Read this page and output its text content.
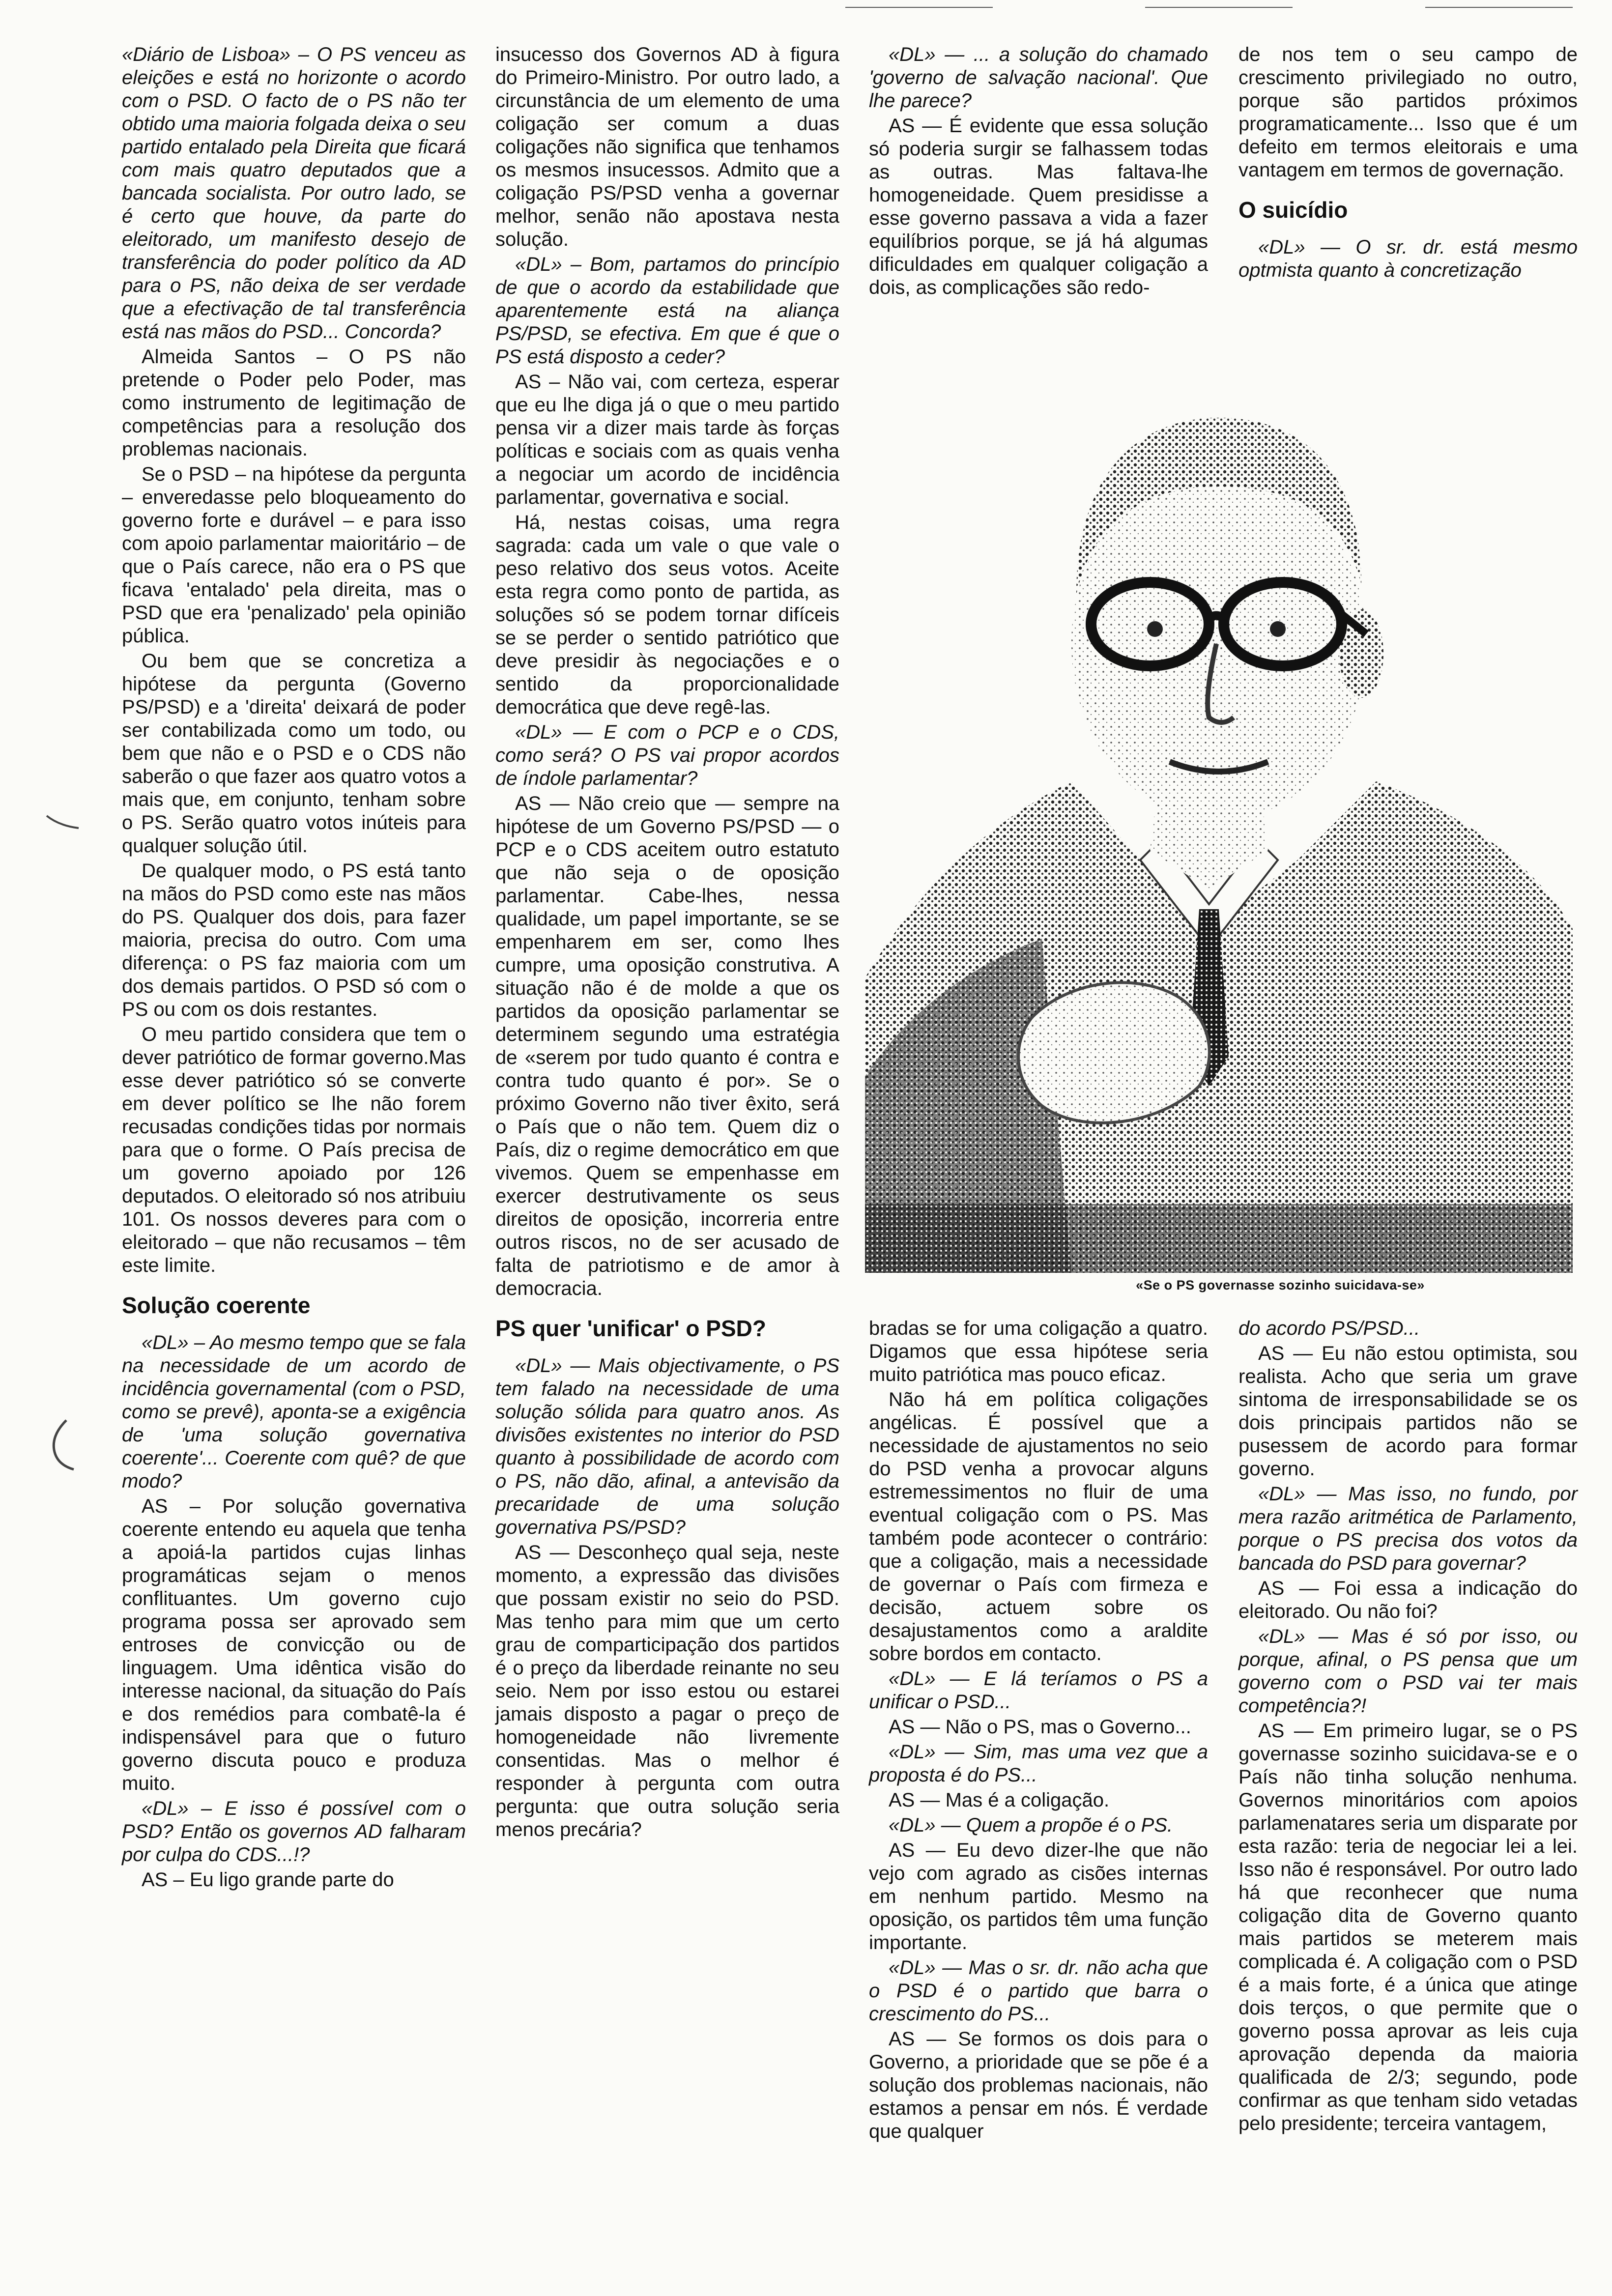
«Diário de Lisboa» – O PS venceu as eleições e está no horizonte o acordo com o PSD. O facto de o PS não ter obtido uma maioria folgada deixa o seu partido entalado pela Direita que ficará com mais quatro deputados que a bancada socialista. Por outro lado, se é certo que houve, da parte do eleitorado, um manifesto desejo de transferência do poder político da AD para o PS, não deixa de ser verdade que a efectivação de tal transferência está nas mãos do PSD... Concorda?

Almeida Santos – O PS não pretende o Poder pelo Poder, mas como instrumento de legitimação de competências para a resolução dos problemas nacionais.

Se o PSD – na hipótese da pergunta – enveredasse pelo bloqueamento do governo forte e durável – e para isso com apoio parlamentar maioritário – de que o País carece, não era o PS que ficava 'entalado' pela direita, mas o PSD que era 'penalizado' pela opinião pública.

Ou bem que se concretiza a hipótese da pergunta (Governo PS/PSD) e a 'direita' deixará de poder ser contabilizada como um todo, ou bem que não e o PSD e o CDS não saberão o que fazer aos quatro votos a mais que, em conjunto, tenham sobre o PS. Serão quatro votos inúteis para qualquer solução útil.

De qualquer modo, o PS está tanto na mãos do PSD como este nas mãos do PS. Qualquer dos dois, para fazer maioria, precisa do outro. Com uma diferença: o PS faz maioria com um dos demais partidos. O PSD só com o PS ou com os dois restantes.

O meu partido considera que tem o dever patriótico de formar governo.Mas esse dever patriótico só se converte em dever político se lhe não forem recusadas condições tidas por normais para que o forme. O País precisa de um governo apoiado por 126 deputados. O eleitorado só nos atribuiu 101. Os nossos deveres para com o eleitorado – que não recusamos – têm este limite.

Solução coerente

«DL» – Ao mesmo tempo que se fala na necessidade de um acordo de incidência governamental (com o PSD, como se prevê), aponta-se a exigência de 'uma solução governativa coerente'... Coerente com quê? de que modo?

AS – Por solução governativa coerente entendo eu aquela que tenha a apoiá-la partidos cujas linhas programáticas sejam o menos conflituantes. Um governo cujo programa possa ser aprovado sem entroses de convicção ou de linguagem. Uma idêntica visão do interesse nacional, da situação do País e dos remédios para combatê-la é indispensável para que o futuro governo discuta pouco e produza muito.

«DL» – E isso é possível com o PSD? Então os governos AD falharam por culpa do CDS...!?

AS – Eu ligo grande parte do

insucesso dos Governos AD à figura do Primeiro-Ministro. Por outro lado, a circunstância de um elemento de uma coligação ser comum a duas coligações não significa que tenhamos os mesmos insucessos. Admito que a coligação PS/PSD venha a governar melhor, senão não apostava nesta solução.

«DL» – Bom, partamos do princípio de que o acordo da estabilidade que aparentemente está na aliança PS/PSD, se efectiva. Em que é que o PS está disposto a ceder?

AS – Não vai, com certeza, esperar que eu lhe diga já o que o meu partido pensa vir a dizer mais tarde às forças políticas e sociais com as quais venha a negociar um acordo de incidência parlamentar, governativa e social.

Há, nestas coisas, uma regra sagrada: cada um vale o que vale o peso relativo dos seus votos. Aceite esta regra como ponto de partida, as soluções só se podem tornar difíceis se se perder o sentido patriótico que deve presidir às negociações e o sentido da proporcionalidade democrática que deve regê-las.

«DL» — E com o PCP e o CDS, como será? O PS vai propor acordos de índole parlamentar?

AS — Não creio que — sempre na hipótese de um Governo PS/PSD — o PCP e o CDS aceitem outro estatuto que não seja o de oposição parlamentar. Cabe-lhes, nessa qualidade, um papel importante, se se empenharem em ser, como lhes cumpre, uma oposição construtiva. A situação não é de molde a que os partidos da oposição parlamentar se determinem segundo uma estratégia de «serem por tudo quanto é contra e contra tudo quanto é por». Se o próximo Governo não tiver êxito, será o País que o não tem. Quem diz o País, diz o regime democrático em que vivemos. Quem se empenhasse em exercer destrutivamente os seus direitos de oposição, incorreria entre outros riscos, no de ser acusado de falta de patriotismo e de amor à democracia.

PS quer 'unificar' o PSD?

«DL» — Mais objectivamente, o PS tem falado na necessidade de uma solução sólida para quatro anos. As divisões existentes no interior do PSD quanto à possibilidade de acordo com o PS, não dão, afinal, a antevisão da precaridade de uma solução governativa PS/PSD?

AS — Desconheço qual seja, neste momento, a expressão das divisões que possam existir no seio do PSD. Mas tenho para mim que um certo grau de comparticipação dos partidos é o preço da liberdade reinante no seu seio. Nem por isso estou ou estarei jamais disposto a pagar o preço de homogeneidade não livremente consentidas. Mas o melhor é responder à pergunta com outra pergunta: que outra solução seria menos precária?

«DL» — ... a solução do chamado 'governo de salvação nacional'. Que lhe parece?

AS — É evidente que essa solução só poderia surgir se falhassem todas as outras. Mas faltava-lhe homogeneidade. Quem presidisse a esse governo passava a vida a fazer equilíbrios porque, se já há algumas dificuldades em qualquer coligação a dois, as complicações são redo-

de nos tem o seu campo de crescimento privilegiado no outro, porque são partidos próximos programaticamente... Isso que é um defeito em termos eleitorais e uma vantagem em termos de governação.

O suicídio

«DL» — O sr. dr. está mesmo optmista quanto à concretização

«Se o PS governasse sozinho suicidava-se»

bradas se for uma coligação a quatro. Digamos que essa hipótese seria muito patriótica mas pouco eficaz.

Não há em política coligações angélicas. É possível que a necessidade de ajustamentos no seio do PSD venha a provocar alguns estremessimentos no fluir de uma eventual coligação com o PS. Mas também pode acontecer o contrário: que a coligação, mais a necessidade de governar o País com firmeza e decisão, actuem sobre os desajustamentos como a araldite sobre bordos em contacto.

«DL» — E lá teríamos o PS a unificar o PSD...

AS — Não o PS, mas o Governo...

«DL» — Sim, mas uma vez que a proposta é do PS...

AS — Mas é a coligação.

«DL» — Quem a propõe é o PS.

AS — Eu devo dizer-lhe que não vejo com agrado as cisões internas em nenhum partido. Mesmo na oposição, os partidos têm uma função importante.

«DL» — Mas o sr. dr. não acha que o PSD é o partido que barra o crescimento do PS...

AS — Se formos os dois para o Governo, a prioridade que se põe é a solução dos problemas nacionais, não estamos a pensar em nós. É verdade que qualquer

do acordo PS/PSD...

AS — Eu não estou optimista, sou realista. Acho que seria um grave sintoma de irresponsabilidade se os dois principais partidos não se pusessem de acordo para formar governo.

«DL» — Mas isso, no fundo, por mera razão aritmética de Parlamento, porque o PS precisa dos votos da bancada do PSD para governar?

AS — Foi essa a indicação do eleitorado. Ou não foi?

«DL» — Mas é só por isso, ou porque, afinal, o PS pensa que um governo com o PSD vai ter mais competência?!

AS — Em primeiro lugar, se o PS governasse sozinho suicidava-se e o País não tinha solução nenhuma. Governos minoritários com apoios parlamenatares seria um disparate por esta razão: teria de negociar lei a lei. Isso não é responsável. Por outro lado há que reconhecer que numa coligação dita de Governo quanto mais partidos se meterem mais complicada é. A coligação com o PSD é a mais forte, é a única que atinge dois terços, o que permite que o governo possa aprovar as leis cuja aprovação dependa da maioria qualificada de 2/3; segundo, pode confirmar as que tenham sido vetadas pelo presidente; terceira vantagem,
